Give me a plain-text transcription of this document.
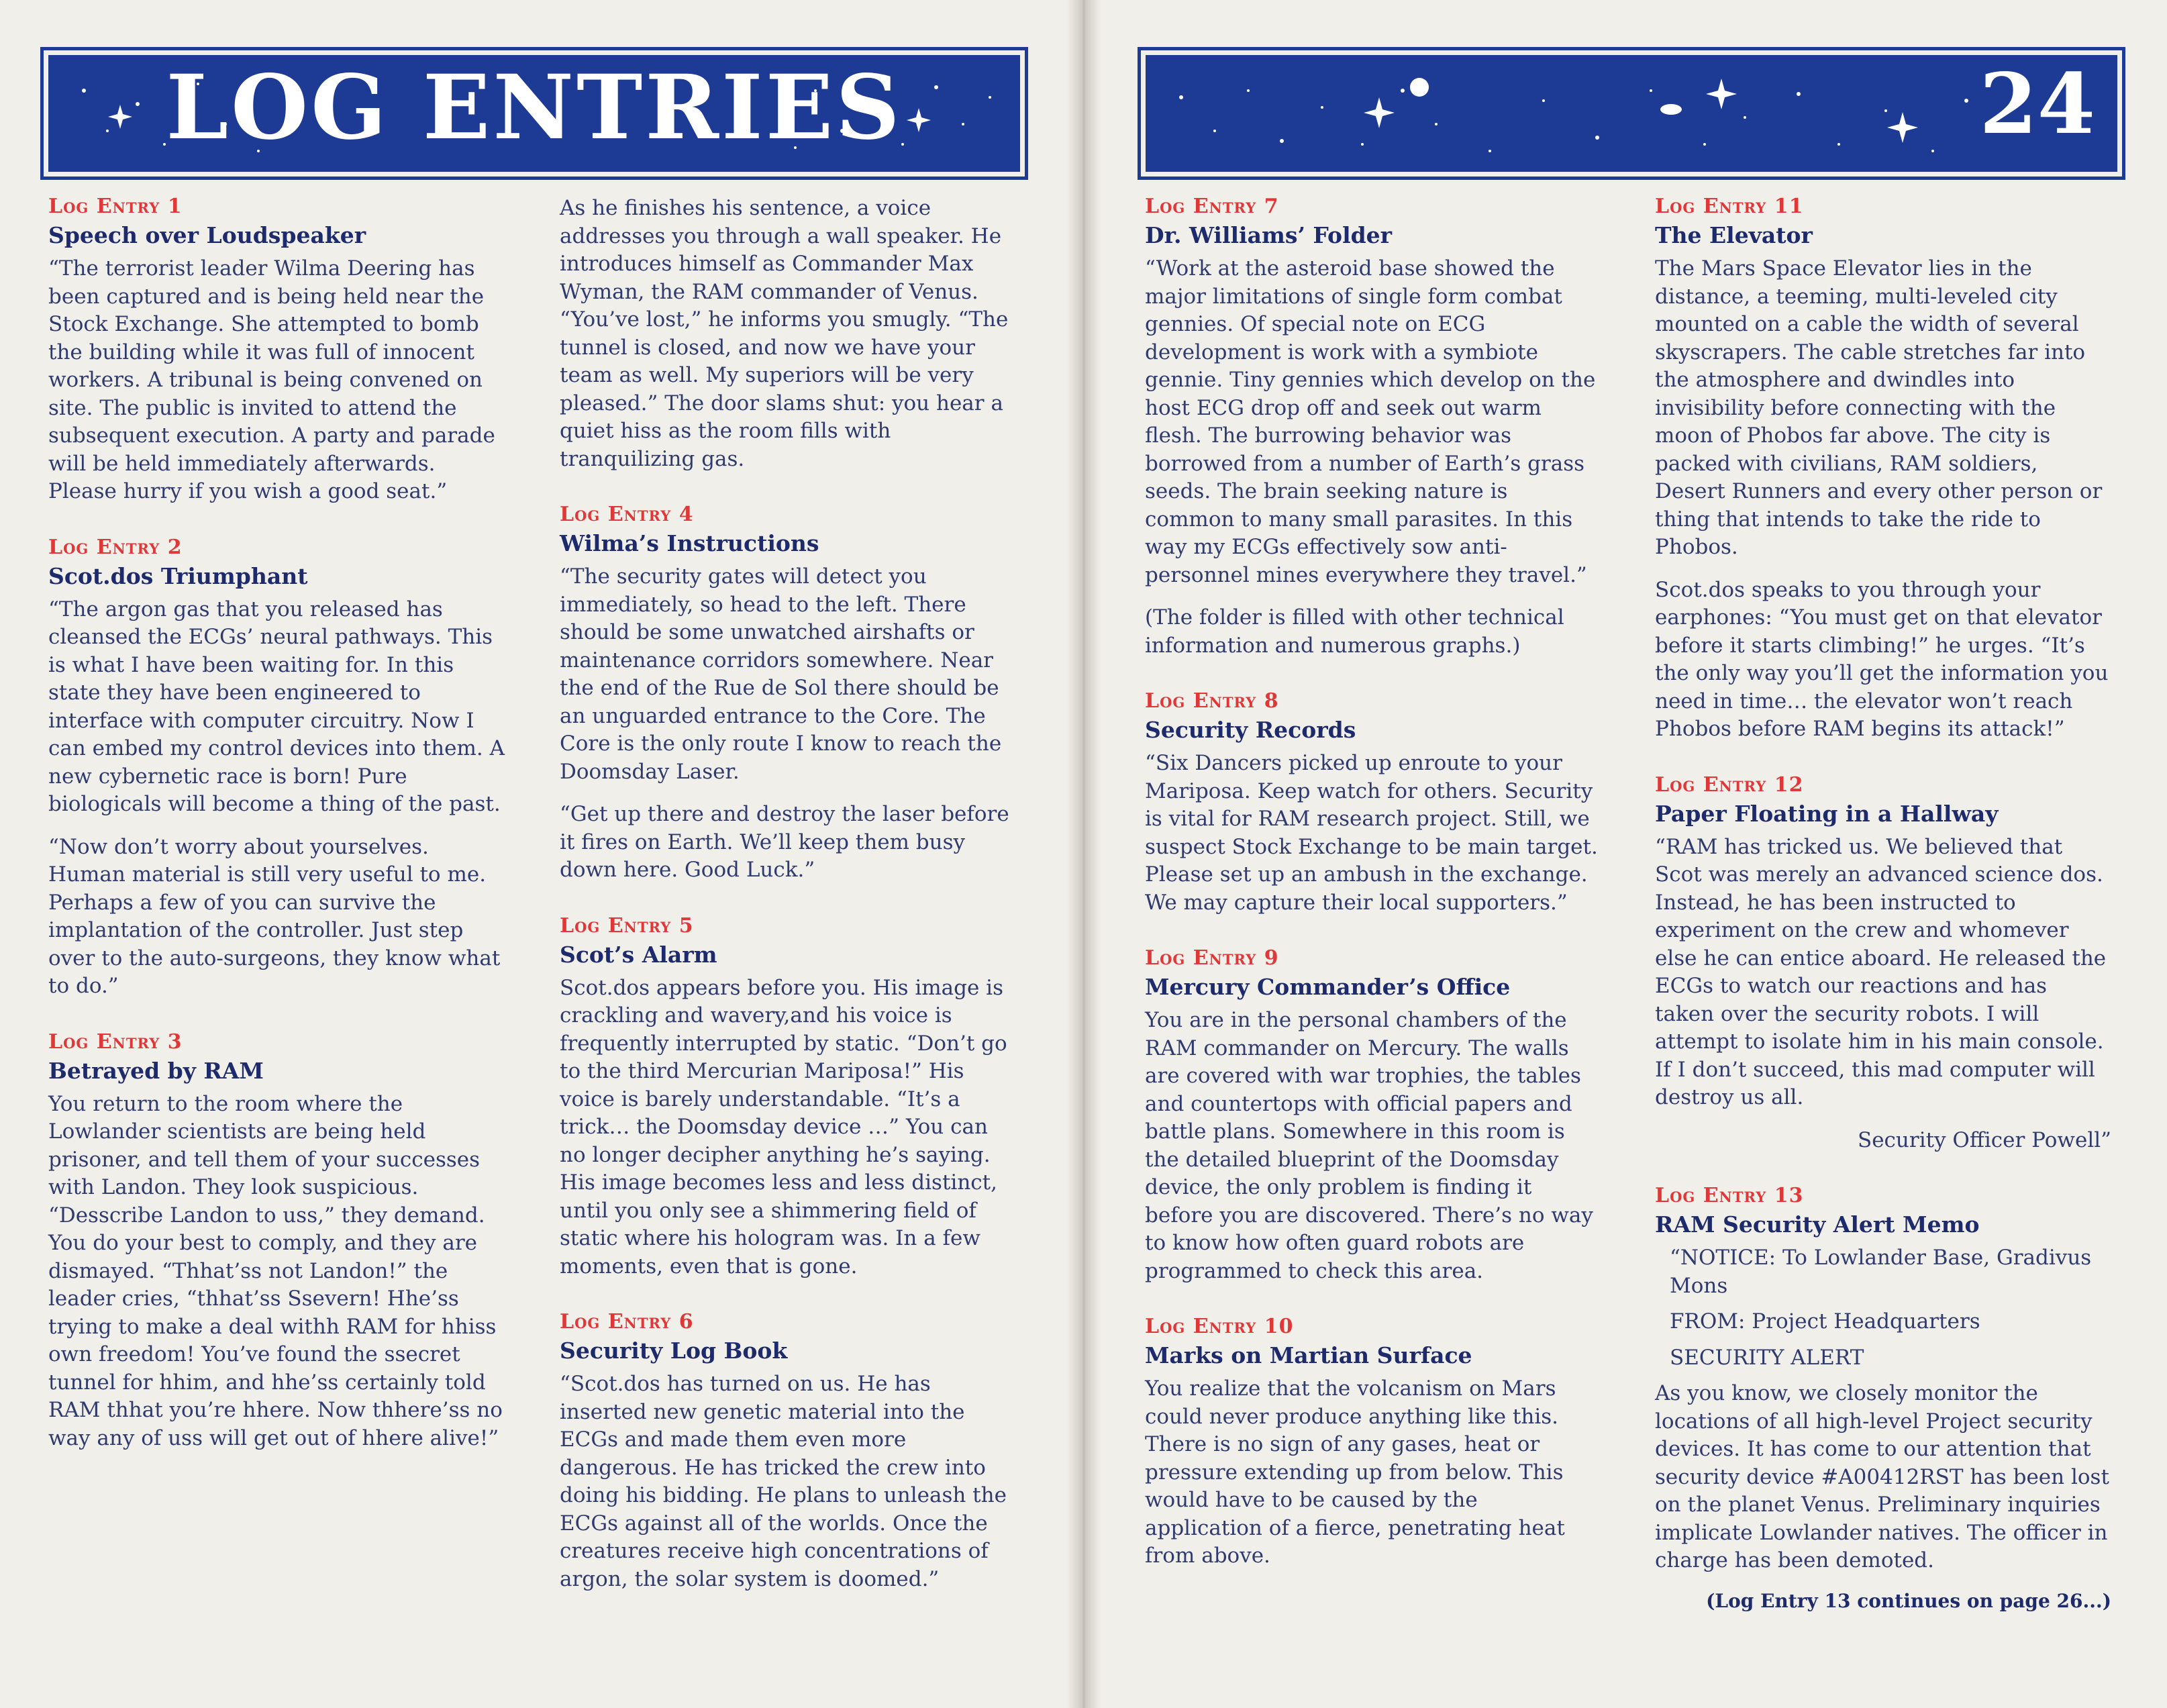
LOG ENTRIES	24
Log Entry 1
Speech over Loudspeaker

“The terrorist leader Wilma Deering has been captured and is being held near the Stock Exchange. She attempted to bomb the building while it was full of innocent workers. A tribunal is being convened on site. The public is invited to attend the subsequent execution. A party and parade will be held immediately afterwards. Please hurry if you wish a good seat.”

Log Entry 2
Scot.dos Triumphant

“The argon gas that you released has cleansed the ECGs’ neural pathways. This is what I have been waiting for. In this state they have been engineered to interface with computer circuitry. Now I can embed my control devices into them. A new cybernetic race is born! Pure biologicals will become a thing of the past.

“Now don’t worry about yourselves. Human material is still very useful to me. Perhaps a few of you can survive the implantation of the controller. Just step over to the auto-surgeons, they know what to do.”

Log Entry 3
Betrayed by RAM

You return to the room where the Lowlander scientists are being held prisoner, and tell them of your successes with Landon. They look suspicious. “Desscribe Landon to uss,” they demand. You do your best to comply, and they are dismayed. “Thhat’ss not Landon!” the leader cries, “thhat’ss Ssevern! Hhe’ss trying to make a deal withh RAM for hhiss own freedom! You’ve found the ssecret tunnel for hhim, and hhe’ss certainly told RAM thhat you’re hhere. Now thhere’ss no way any of uss will get out of hhere alive!”

As he finishes his sentence, a voice addresses you through a wall speaker. He introduces himself as Commander Max Wyman, the RAM commander of Venus. “You’ve lost,” he informs you smugly. “The tunnel is closed, and now we have your team as well. My superiors will be very pleased.” The door slams shut: you hear a quiet hiss as the room fills with tranquilizing gas.

Log Entry 4
Wilma’s Instructions

“The security gates will detect you immediately, so head to the left. There should be some unwatched airshafts or maintenance corridors somewhere. Near the end of the Rue de Sol there should be an unguarded entrance to the Core. The Core is the only route I know to reach the Doomsday Laser.

“Get up there and destroy the laser before it fires on Earth. We’ll keep them busy down here. Good Luck.”

Log Entry 5
Scot’s Alarm

Scot.dos appears before you. His image is crackling and wavery,and his voice is frequently interrupted by static. “Don’t go to the third Mercurian Mariposa!” His voice is barely understandable. “It’s a trick… the Doomsday device …” You can no longer decipher anything he’s saying. His image becomes less and less distinct, until you only see a shimmering field of static where his hologram was. In a few moments, even that is gone.

Log Entry 6
Security Log Book

“Scot.dos has turned on us. He has inserted new genetic material into the ECGs and made them even more dangerous. He has tricked the crew into doing his bidding. He plans to unleash the ECGs against all of the worlds. Once the creatures receive high concentrations of argon, the solar system is doomed.”

Log Entry 7
Dr. Williams’ Folder

“Work at the asteroid base showed the major limitations of single form combat gennies. Of special note on ECG development is work with a symbiote gennie. Tiny gennies which develop on the host ECG drop off and seek out warm flesh. The burrowing behavior was borrowed from a number of Earth’s grass seeds. The brain seeking nature is common to many small parasites. In this way my ECGs effectively sow anti-personnel mines everywhere they travel.”

(The folder is filled with other technical information and numerous graphs.)

Log Entry 8
Security Records

“Six Dancers picked up enroute to your Mariposa. Keep watch for others. Security is vital for RAM research project. Still, we suspect Stock Exchange to be main target. Please set up an ambush in the exchange. We may capture their local supporters.”

Log Entry 9
Mercury Commander’s Office

You are in the personal chambers of the RAM commander on Mercury. The walls are covered with war trophies, the tables and countertops with official papers and battle plans. Somewhere in this room is the detailed blueprint of the Doomsday device, the only problem is finding it before you are discovered. There’s no way to know how often guard robots are programmed to check this area.

Log Entry 10
Marks on Martian Surface

You realize that the volcanism on Mars could never produce anything like this. There is no sign of any gases, heat or pressure extending up from below. This would have to be caused by the application of a fierce, penetrating heat from above.

Log Entry 11
The Elevator

The Mars Space Elevator lies in the distance, a teeming, multi-leveled city mounted on a cable the width of several skyscrapers. The cable stretches far into the atmosphere and dwindles into invisibility before connecting with the moon of Phobos far above. The city is packed with civilians, RAM soldiers, Desert Runners and every other person or thing that intends to take the ride to Phobos.

Scot.dos speaks to you through your earphones: “You must get on that elevator before it starts climbing!” he urges. “It’s the only way you’ll get the information you need in time… the elevator won’t reach Phobos before RAM begins its attack!”

Log Entry 12
Paper Floating in a Hallway

“RAM has tricked us. We believed that Scot was merely an advanced science dos. Instead, he has been instructed to experiment on the crew and whomever else he can entice aboard. He released the ECGs to watch our reactions and has taken over the security robots. I will attempt to isolate him in his main console. If I don’t succeed, this mad computer will destroy us all.

Security Officer Powell”

Log Entry 13
RAM Security Alert Memo

“NOTICE: To Lowlander Base, Gradivus Mons

FROM: Project Headquarters

SECURITY ALERT

As you know, we closely monitor the locations of all high-level Project security devices. It has come to our attention that security device #A00412RST has been lost on the planet Venus. Preliminary inquiries implicate Lowlander natives. The officer in charge has been demoted.

(Log Entry 13 continues on page 26...)
